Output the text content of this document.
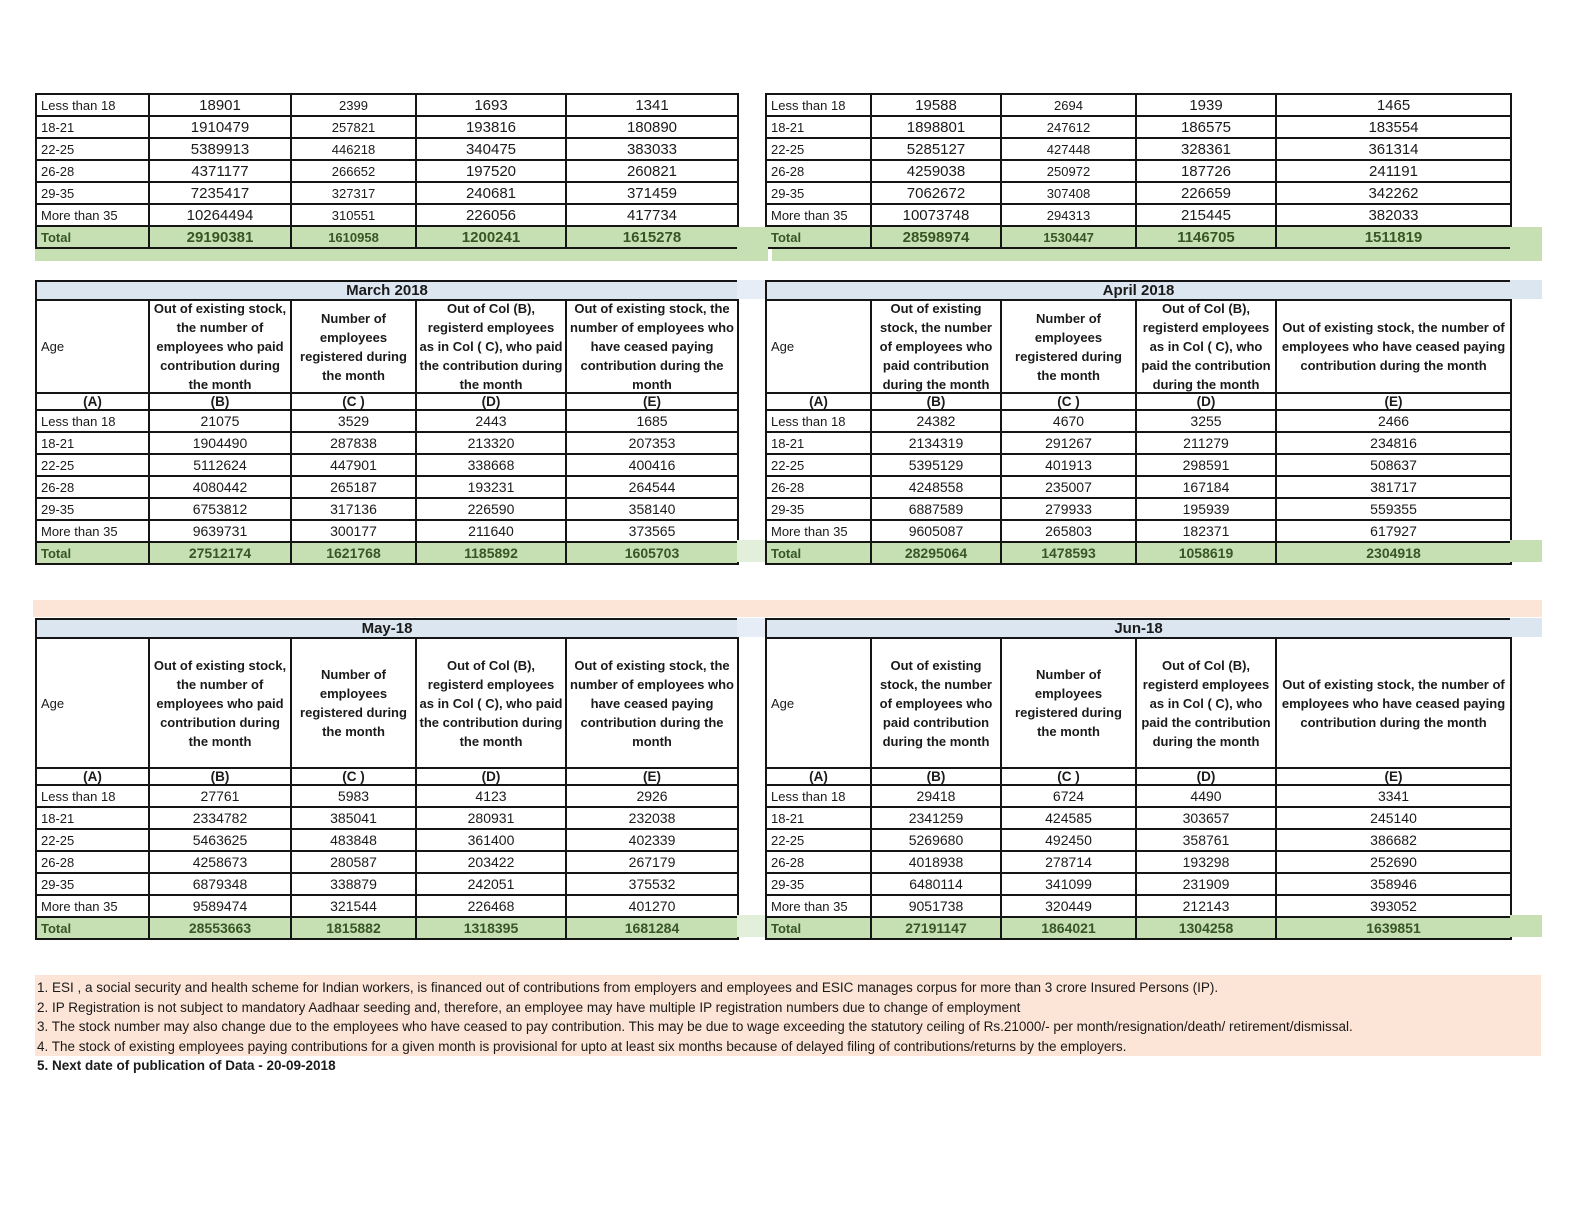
Less than 18	18901	2399	1693	1341
18-21	1910479	257821	193816	180890
22-25	5389913	446218	340475	383033
26-28	4371177	266652	197520	260821
29-35	7235417	327317	240681	371459
More than 35	10264494	310551	226056	417734
Total	29190381	1610958	1200241	1615278
Less than 18	19588	2694	1939	1465
18-21	1898801	247612	186575	183554
22-25	5285127	427448	328361	361314
26-28	4259038	250972	187726	241191
29-35	7062672	307408	226659	342262
More than 35	10073748	294313	215445	382033
Total	28598974	1530447	1146705	1511819
March 2018				

Age	Out of existing stock, the number of employees who paid contribution during the month	Number of employees registered during the month	Out of Col (B), registerd employees as in Col ( C), who paid the contribution during the month	Out of existing stock, the number of employees who have ceased paying contribution during the month

(A)	(B)	(C )	(D)	(E)
Less than 18	21075	3529	2443	1685
18-21	1904490	287838	213320	207353
22-25	5112624	447901	338668	400416
26-28	4080442	265187	193231	264544
29-35	6753812	317136	226590	358140
More than 35	9639731	300177	211640	373565
Total	27512174	1621768	1185892	1605703
April 2018				

Age	Out of existing stock, the number of employees who paid contribution during the month	Number of employees registered during the month	Out of Col (B), registerd employees as in Col ( C), who paid the contribution during the month	Out of existing stock, the number of employees who have ceased paying contribution during the month

(A)	(B)	(C )	(D)	(E)
Less than 18	24382	4670	3255	2466
18-21	2134319	291267	211279	234816
22-25	5395129	401913	298591	508637
26-28	4248558	235007	167184	381717
29-35	6887589	279933	195939	559355
More than 35	9605087	265803	182371	617927
Total	28295064	1478593	1058619	2304918
May-18				

Age	Out of existing stock, the number of employees who paid contribution during the month	Number of employees registered during the month	Out of Col (B), registerd employees as in Col ( C), who paid the contribution during the month	Out of existing stock, the number of employees who have ceased paying contribution during the month

(A)	(B)	(C )	(D)	(E)
Less than 18	27761	5983	4123	2926
18-21	2334782	385041	280931	232038
22-25	5463625	483848	361400	402339
26-28	4258673	280587	203422	267179
29-35	6879348	338879	242051	375532
More than 35	9589474	321544	226468	401270
Total	28553663	1815882	1318395	1681284
Jun-18				

Age	Out of existing stock, the number of employees who paid contribution during the month	Number of employees registered during the month	Out of Col (B), registerd employees as in Col ( C), who paid the contribution during the month	Out of existing stock, the number of employees who have ceased paying contribution during the month

(A)	(B)	(C )	(D)	(E)
Less than 18	29418	6724	4490	3341
18-21	2341259	424585	303657	245140
22-25	5269680	492450	358761	386682
26-28	4018938	278714	193298	252690
29-35	6480114	341099	231909	358946
More than 35	9051738	320449	212143	393052
Total	27191147	1864021	1304258	1639851
1. ESI , a social security and health scheme for Indian workers, is financed out of contributions from employers and employees and ESIC manages corpus for more than 3 crore Insured Persons (IP).
2. IP Registration is not subject to mandatory Aadhaar seeding and, therefore, an employee may have multiple IP registration numbers due to change of employment
3. The stock number may also change due to the employees who have ceased to pay contribution. This may be due to wage exceeding the statutory ceiling of Rs.21000/- per month/resignation/death/ retirement/dismissal.
4. The stock of existing employees paying contributions for a given month is provisional for upto at least six months because of delayed filing of contributions/returns by the employers.
5. Next date of publication of Data - 20-09-2018
